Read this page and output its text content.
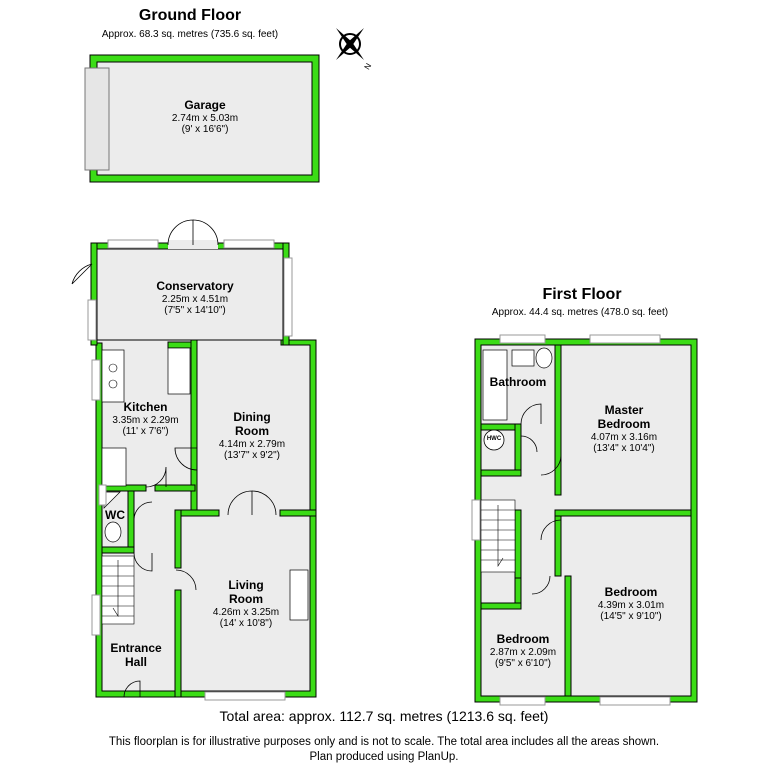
Ground Floor
Approx. 68.3 sq. metres (735.6 sq. feet)
First Floor
Approx. 44.4 sq. metres (478.0 sq. feet)
N
Garage
2.74m x 5.03m
(9' x 16'6")
Conservatory
2.25m x 4.51m
(7'5" x 14'10")
Kitchen
3.35m x 2.29m
(11' x 7'6")
Dining
Room
4.14m x 2.79m
(13'7" x 9'2")
WC
Living
Room
4.26m x 3.25m
(14' x 10'8")
Entrance
Hall
Bathroom
HWC
Master
Bedroom
4.07m x 3.16m
(13'4" x 10'4")
Bedroom
4.39m x 3.01m
(14'5" x 9'10")
Bedroom
2.87m x 2.09m
(9'5" x 6'10")
Total area: approx. 112.7 sq. metres (1213.6 sq. feet)
This floorplan is for illustrative purposes only and is not to scale. The total area includes all the areas shown.
Plan produced using PlanUp.
